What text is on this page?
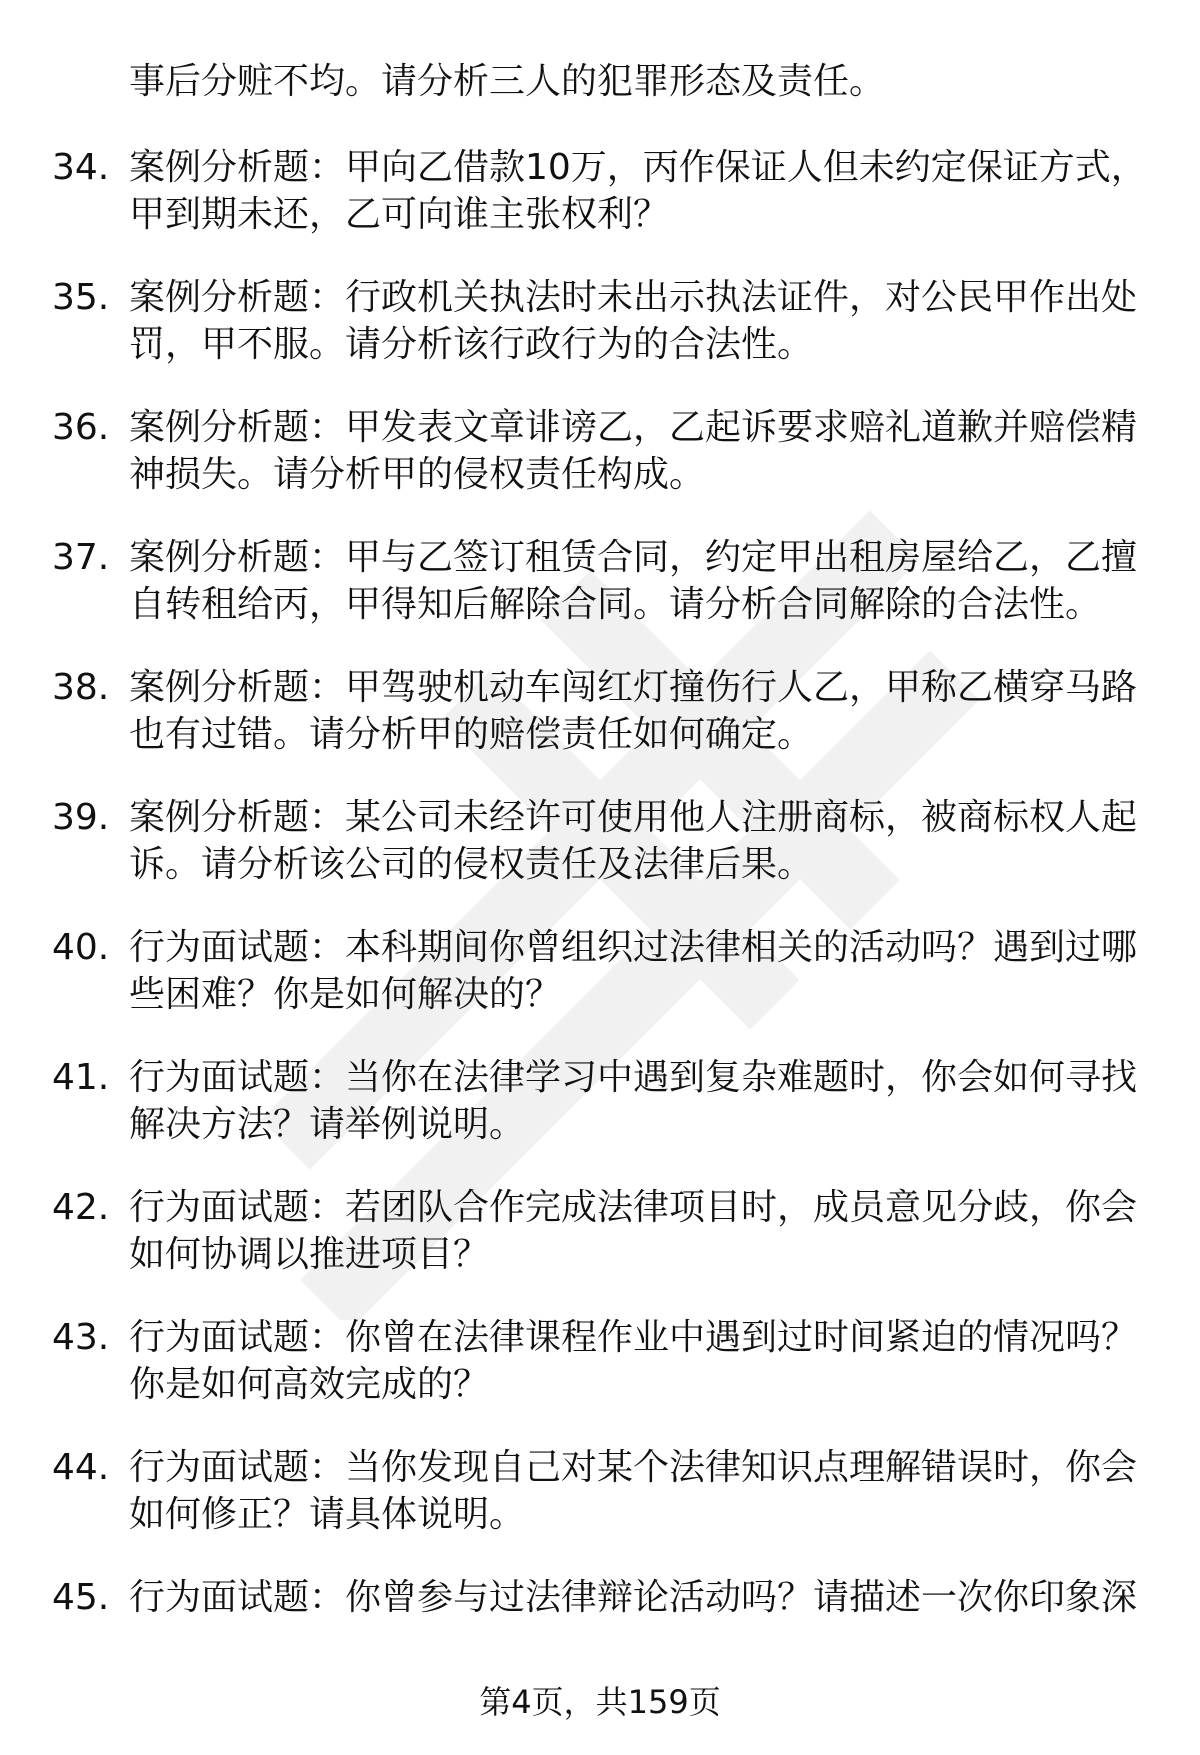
事后分赃不均。请分析三人的犯罪形态及责任。
34. 案例分析题：甲向乙借款10万，丙作保证人但未约定保证方式，
甲到期未还，乙可向谁主张权利？
35. 案例分析题：行政机关执法时未出示执法证件，对公民甲作出处
罚，甲不服。请分析该行政行为的合法性。
36. 案例分析题：甲发表文章诽谤乙，乙起诉要求赔礼道歉并赔偿精
神损失。请分析甲的侵权责任构成。
37. 案例分析题：甲与乙签订租赁合同，约定甲出租房屋给乙，乙擅
自转租给丙，甲得知后解除合同。请分析合同解除的合法性。
38. 案例分析题：甲驾驶机动车闯红灯撞伤行人乙，甲称乙横穿马路
也有过错。请分析甲的赔偿责任如何确定。
39. 案例分析题：某公司未经许可使用他人注册商标，被商标权人起
诉。请分析该公司的侵权责任及法律后果。
40. 行为面试题：本科期间你曾组织过法律相关的活动吗？遇到过哪
些困难？你是如何解决的？
41. 行为面试题：当你在法律学习中遇到复杂难题时，你会如何寻找
解决方法？请举例说明。
42. 行为面试题：若团队合作完成法律项目时，成员意见分歧，你会
如何协调以推进项目？
43. 行为面试题：你曾在法律课程作业中遇到过时间紧迫的情况吗？
你是如何高效完成的？
44. 行为面试题：当你发现自己对某个法律知识点理解错误时，你会
如何修正？请具体说明。
45. 行为面试题：你曾参与过法律辩论活动吗？请描述一次你印象深
第4页，共159页
